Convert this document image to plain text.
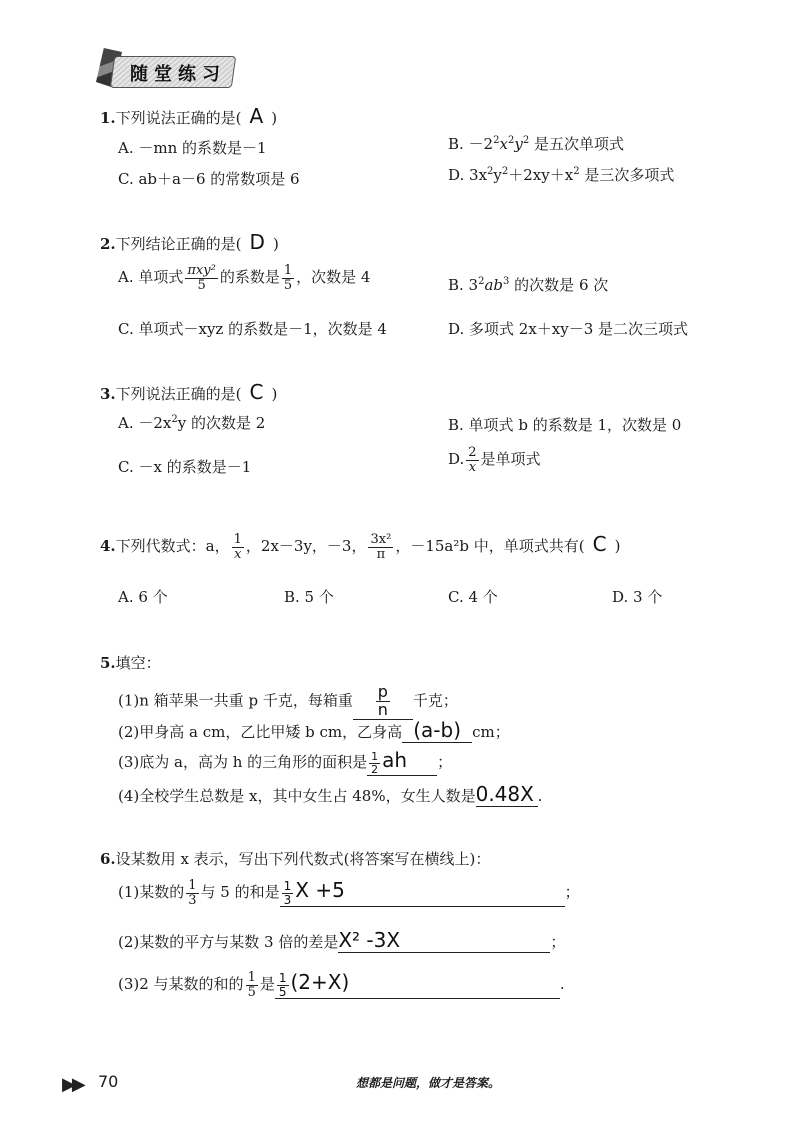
随堂练习
1.下列说法正确的是( A )
A. －mn 的系数是－1	B. $-2^2x^2y^2$ 是五次单项式
C. ab＋a－6 的常数项是 6	D. $3x^2y^2+2xy+x^2$ 是三次多项式
2.下列结论正确的是( D )
A. 单项式 $\frac{\text{πxy²}}{5}$ 的系数是 $\frac{1}{5}$ ，次数是 4	B. $3^2ab^3$ 的次数是 6 次
C. 单项式－xyz 的系数是－1，次数是 4	D. 多项式 2x＋xy－3 是二次三项式
3.下列说法正确的是( C )
A. $-2x^2y$ 的次数是 2	B. 单项式 b 的系数是 1，次数是 0
C. －x 的系数是－1	D. $\frac{2}{x}$ 是单项式
4.下列代数式：a， $\frac{1}{x}$ ，2x－3y，－3， $\frac{\text{3x²}}{\pi}$ ，－15a²b 中，单项式共有( C )
A. 6 个	B. 5 个	C. 4 个	D. 3 个
5.填空：
(1)n 箱苹果一共重 p 千克，每箱重 $\frac{p}{n}$ 千克；
(2)甲身高 a cm，乙比甲矮 b cm，乙身高 (a-b) cm；
(3)底为 a，高为 h 的三角形的面积是 $\frac{1}{2}$ ah ；
(4)全校学生总数是 x，其中女生占 48%，女生人数是0.48X .
6.设某数用 x 表示，写出下列代数式(将答案写在横线上)：
(1)某数的 $\frac{1}{3}$ 与 5 的和是 $\frac{1}{3}$ X +5	；
(2)某数的平方与某数 3 倍的差是X² -3X	；
(3)2 与某数的和的 $\frac{1}{5}$ 是 $\frac{1}{5} (2+X)$	.
▶▶ 70	想都是问题，做才是答案。
